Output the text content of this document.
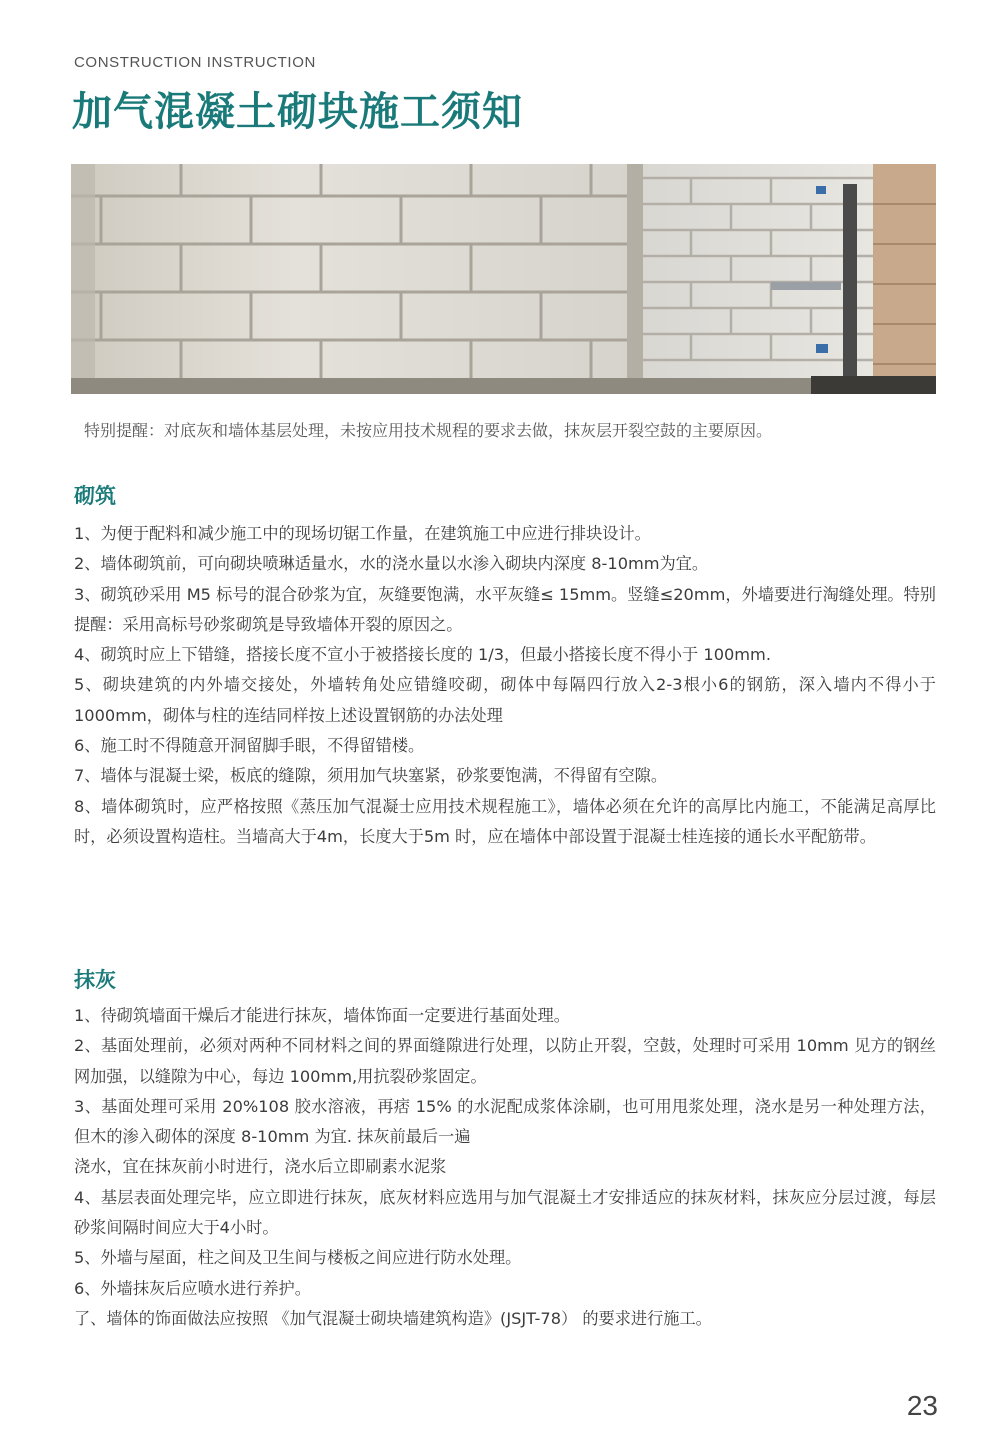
CONSTRUCTION INSTRUCTION
加气混凝土砌块施工须知
特别提醒：对底灰和墙体基层处理，未按应用技术规程的要求去做，抹灰层开裂空鼓的主要原因。
砌筑

1、为便于配料和减少施工中的现场切锯工作量，在建筑施工中应进行排块设计。

2、墙体砌筑前，可向砌块喷琳适量水，水的浇水量以水渗入砌块内深度 8-10mm为宜。

3、砌筑砂采用 M5 标号的混合砂浆为宜，灰缝要饱满，水平灰缝≤ 15mm。竖缝≤20mm，外墙要进行淘缝处理。特别提醒：采用高标号砂浆砌筑是导致墙体开裂的原因之。

4、砌筑时应上下错缝，搭接长度不宣小于被搭接长度的 1/3，但最小搭接长度不得小于 100mm.

5、砌块建筑的内外墙交接处，外墙转角处应错缝咬砌，砌体中每隔四行放入2-3根小6的钢筋，深入墙内不得小于 1000mm，砌体与柱的连结同样按上述设置钢筋的办法处理

6、施工时不得随意开洞留脚手眼，不得留错楼。

7、墙体与混凝士梁，板底的缝隙，须用加气块塞紧，砂浆要饱满，不得留有空隙。

8、墙体砌筑时，应严格按照《蒸压加气混凝士应用技术规程施工》，墙体必须在允许的高厚比内施工，不能满足高厚比时，必须设置构造柱。当墙高大于4m，长度大于5m 时，应在墙体中部设置于混凝士桂连接的通长水平配筋带。

抹灰

1、待砌筑墙面干燥后才能进行抹灰，墙体饰面一定要进行基面处理。

2、基面处理前，必须对两种不同材料之间的界面缝隙进行处理，以防止开裂，空鼓，处理时可采用 10mm 见方的钢丝网加强，以缝隙为中心，每边 100mm,用抗裂砂浆固定。

3、基面处理可采用 20%108 胶水溶液，再痞 15% 的水泥配成浆体涂刷，也可用甩浆处理，浇水是另一种处理方法，但木的渗入砌体的深度 8-10mm 为宜. 抹灰前最后一遍
浇水，宜在抹灰前小时进行，浇水后立即刷素水泥浆

4、基层表面处理完毕，应立即进行抹灰，底灰材料应选用与加气混凝土才安排适应的抹灰材料，抹灰应分层过渡，每层砂浆间隔时间应大于4小时。

5、外墙与屋面，柱之间及卫生间与楼板之间应进行防水处理。

6、外墙抹灰后应喷水进行养护。

了、墙体的饰面做法应按照 《加气混凝士砌块墙建筑构造》(JSJT-78） 的要求进行施工。

23
